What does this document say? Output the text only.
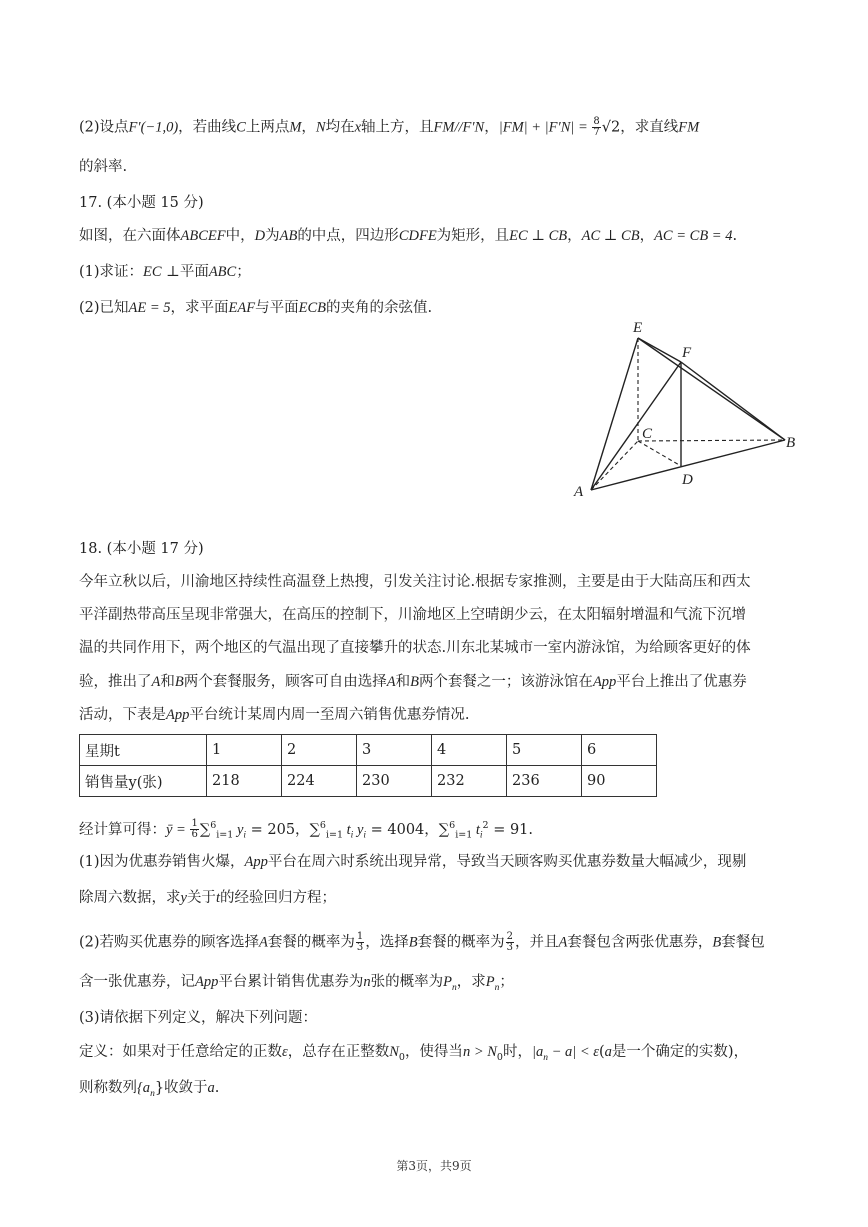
(2)设点F′(−1,0)，若曲线C上两点M，N均在x轴上方，且FM//F′N，$|FM| + |F'N| = \frac{8}{7} √2$，求直线FM
的斜率.
17. (本小题 15 分)
如图，在六面体ABCEF中，D为AB的中点，四边形CDFE为矩形，且EC ⊥ CB，AC ⊥ CB，AC = CB = 4.
(1)求证：EC ⊥平面ABC；
(2)已知AE = 5，求平面EAF与平面ECB的夹角的余弦值.
E
F
C
B
D
A
18. (本小题 17 分)
今年立秋以后，川渝地区持续性高温登上热搜，引发关注讨论.根据专家推测，主要是由于大陆高压和西太
平洋副热带高压呈现非常强大，在高压的控制下，川渝地区上空晴朗少云，在太阳辐射增温和气流下沉增
温的共同作用下，两个地区的气温出现了直接攀升的状态.川东北某城市一室内游泳馆，为给顾客更好的体
验，推出了A和B两个套餐服务，顾客可自由选择A和B两个套餐之一；该游泳馆在App平台上推出了优惠券
活动，下表是App平台统计某周内周一至周六销售优惠券情况.
星期t	1	2	3	4	5	6
销售量y(张)	218	224	230	232	236	90
经计算可得：ȳ = $\frac{1}{6} \sum^6_{i=1}$ $y_i = 205$，∑$^6_{i=1}$ $t_i$ $y_i = 4004$，∑$^6_{i=1}$ $t_i^2 = 91$.
(1)因为优惠券销售火爆，App平台在周六时系统出现异常，导致当天顾客购买优惠券数量大幅减少，现剔
除周六数据，求y关于t的经验回归方程；
(2)若购买优惠券的顾客选择A套餐的概率为 $\frac{1}{3}$ ，选择B套餐的概率为 $\frac{2}{3}$ ，并且A套餐包含两张优惠券，B套餐包
含一张优惠券，记App平台累计销售优惠券为n张的概率为$P_n$，求$P_n$；
(3)请依据下列定义，解决下列问题：
定义：如果对于任意给定的正数ε，总存在正整数$N_0$，使得当$n > N_0$时，$|a_n - a| < \varepsilon(a$是一个确定的实数)，
则称数列$\{a_n\}$收敛于a.
第3页，共9页
